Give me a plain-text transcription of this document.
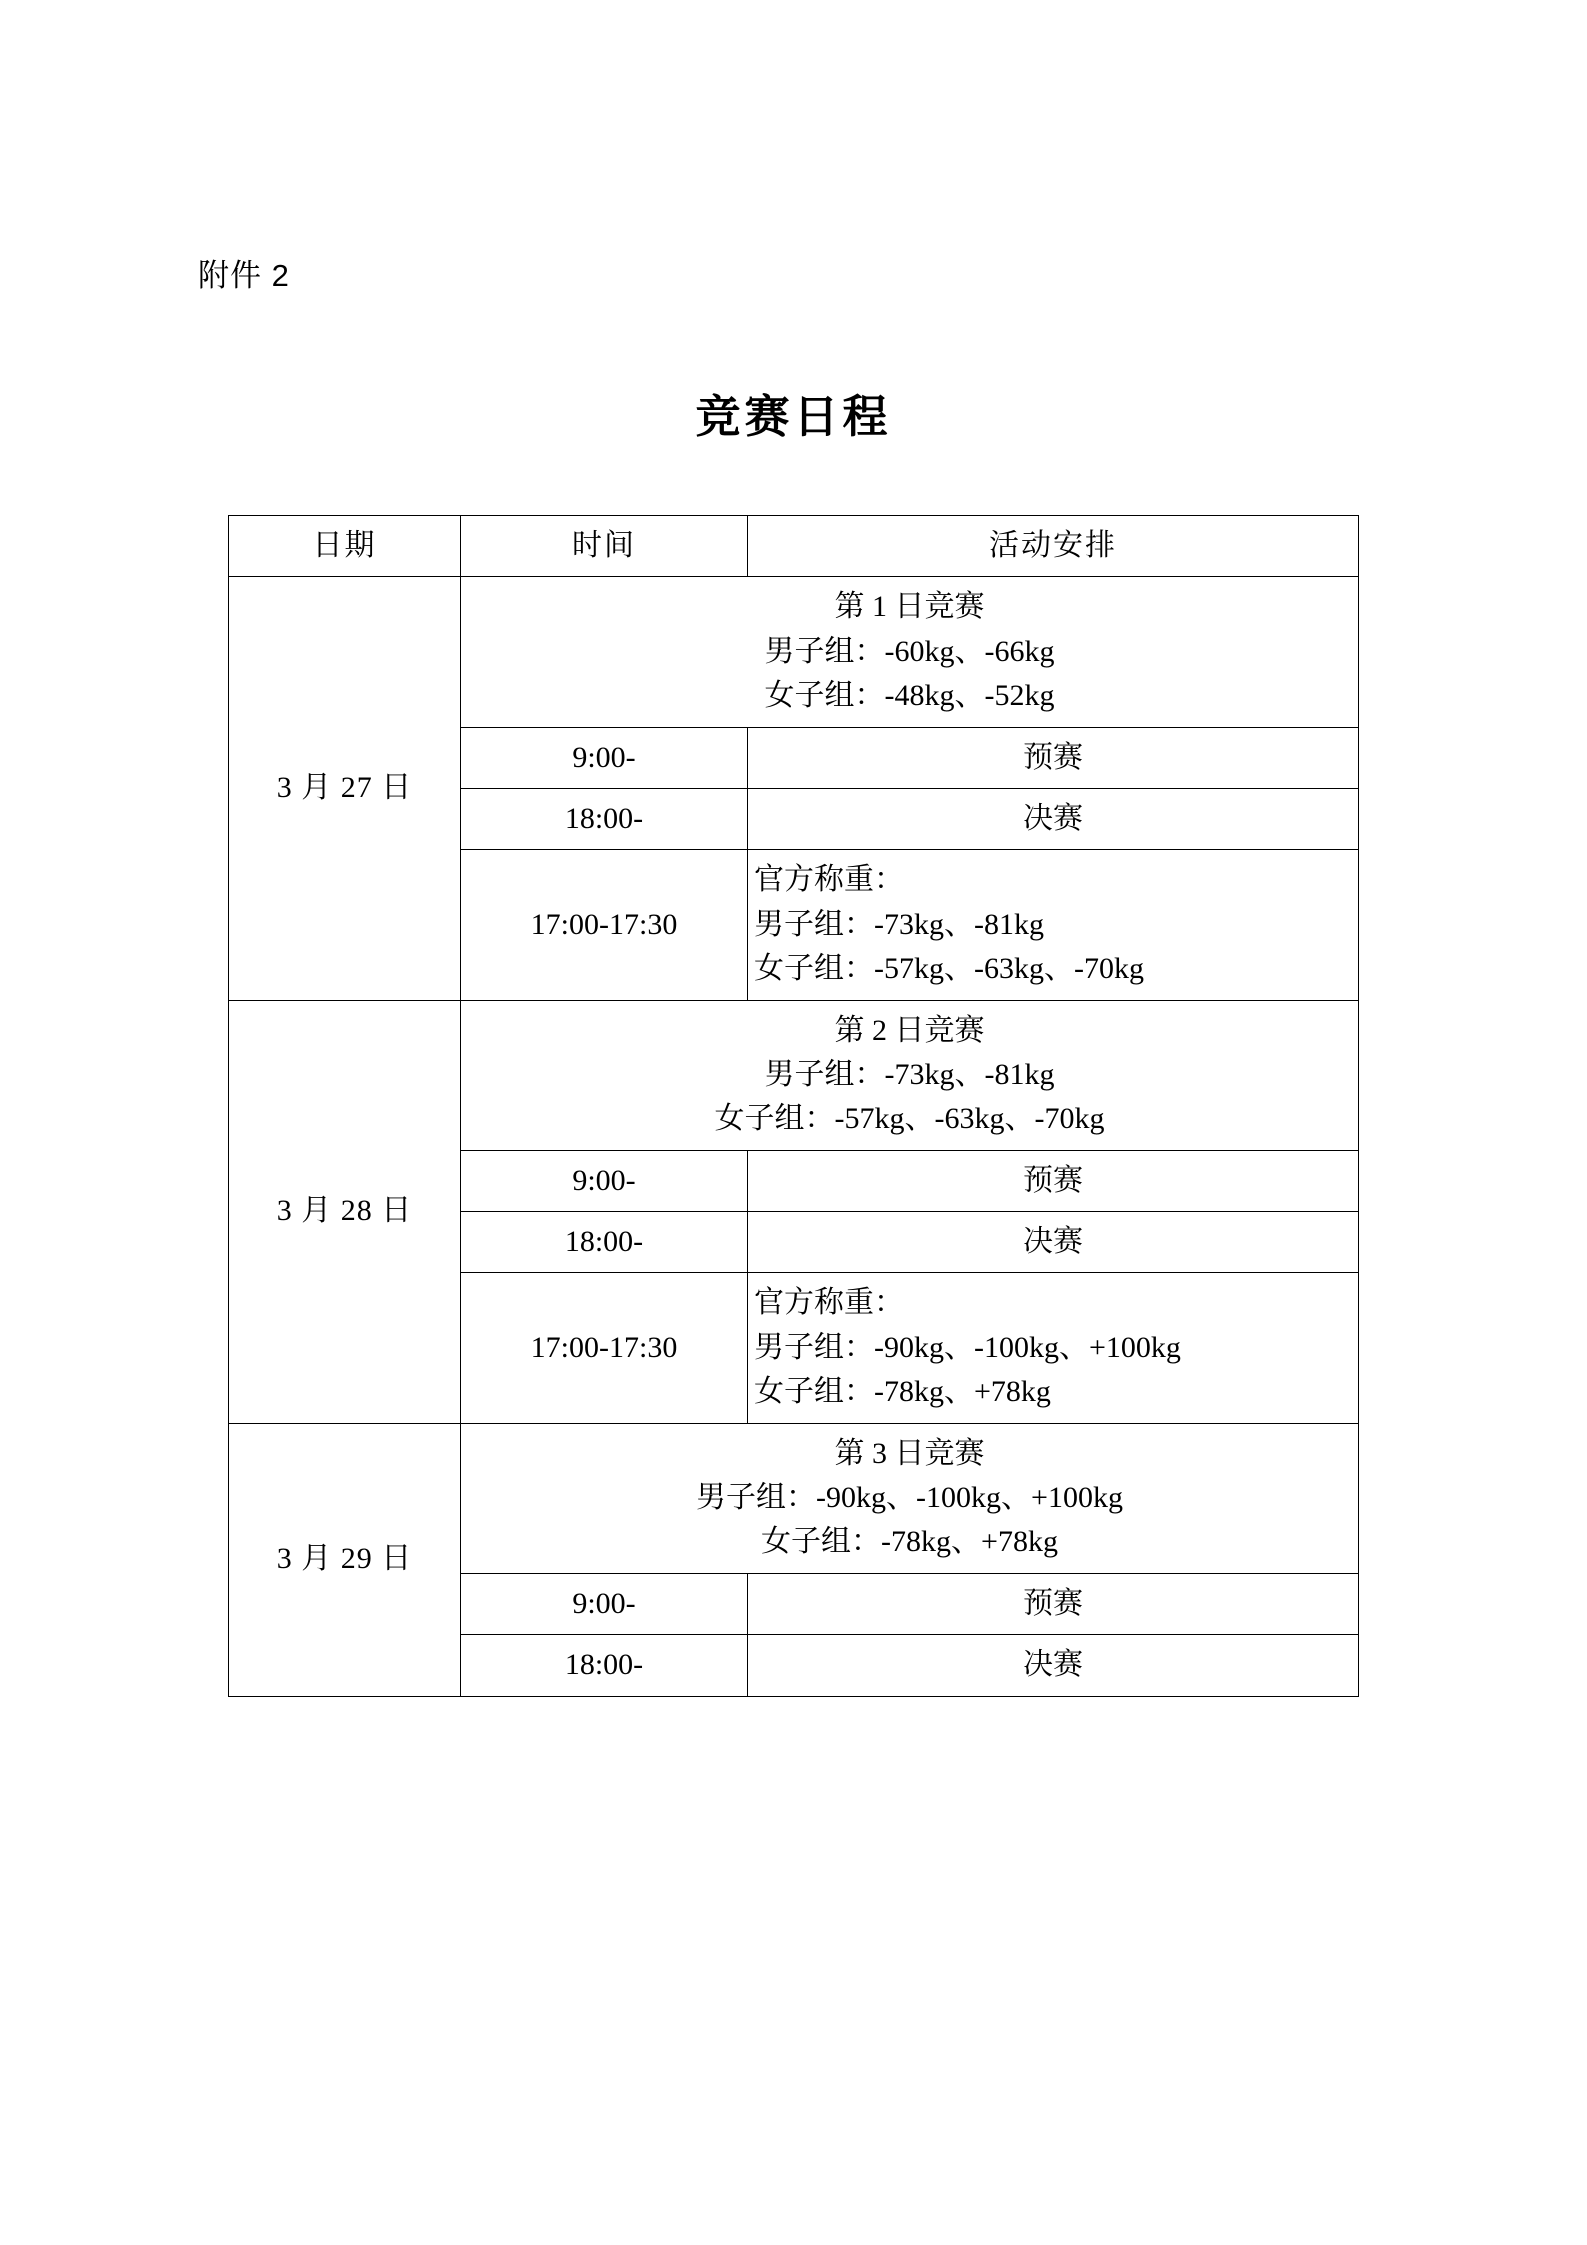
附件 2
竞赛日程
日期	时间	活动安排
3 月 27 日	第 1 日竞赛
男子组：-60kg、-66kg
女子组：-48kg、-52kg	

	9:00-	预赛
	18:00-	决赛
	17:00-17:30	官方称重：
男子组：-73kg、-81kg
女子组：-57kg、-63kg、-70kg

3 月 28 日	第 2 日竞赛
男子组：-73kg、-81kg
女子组：-57kg、-63kg、-70kg	

	9:00-	预赛
	18:00-	决赛
	17:00-17:30	官方称重：
男子组：-90kg、-100kg、+100kg
女子组：-78kg、+78kg

3 月 29 日	第 3 日竞赛
男子组：-90kg、-100kg、+100kg
女子组：-78kg、+78kg	

	9:00-	预赛
	18:00-	决赛
